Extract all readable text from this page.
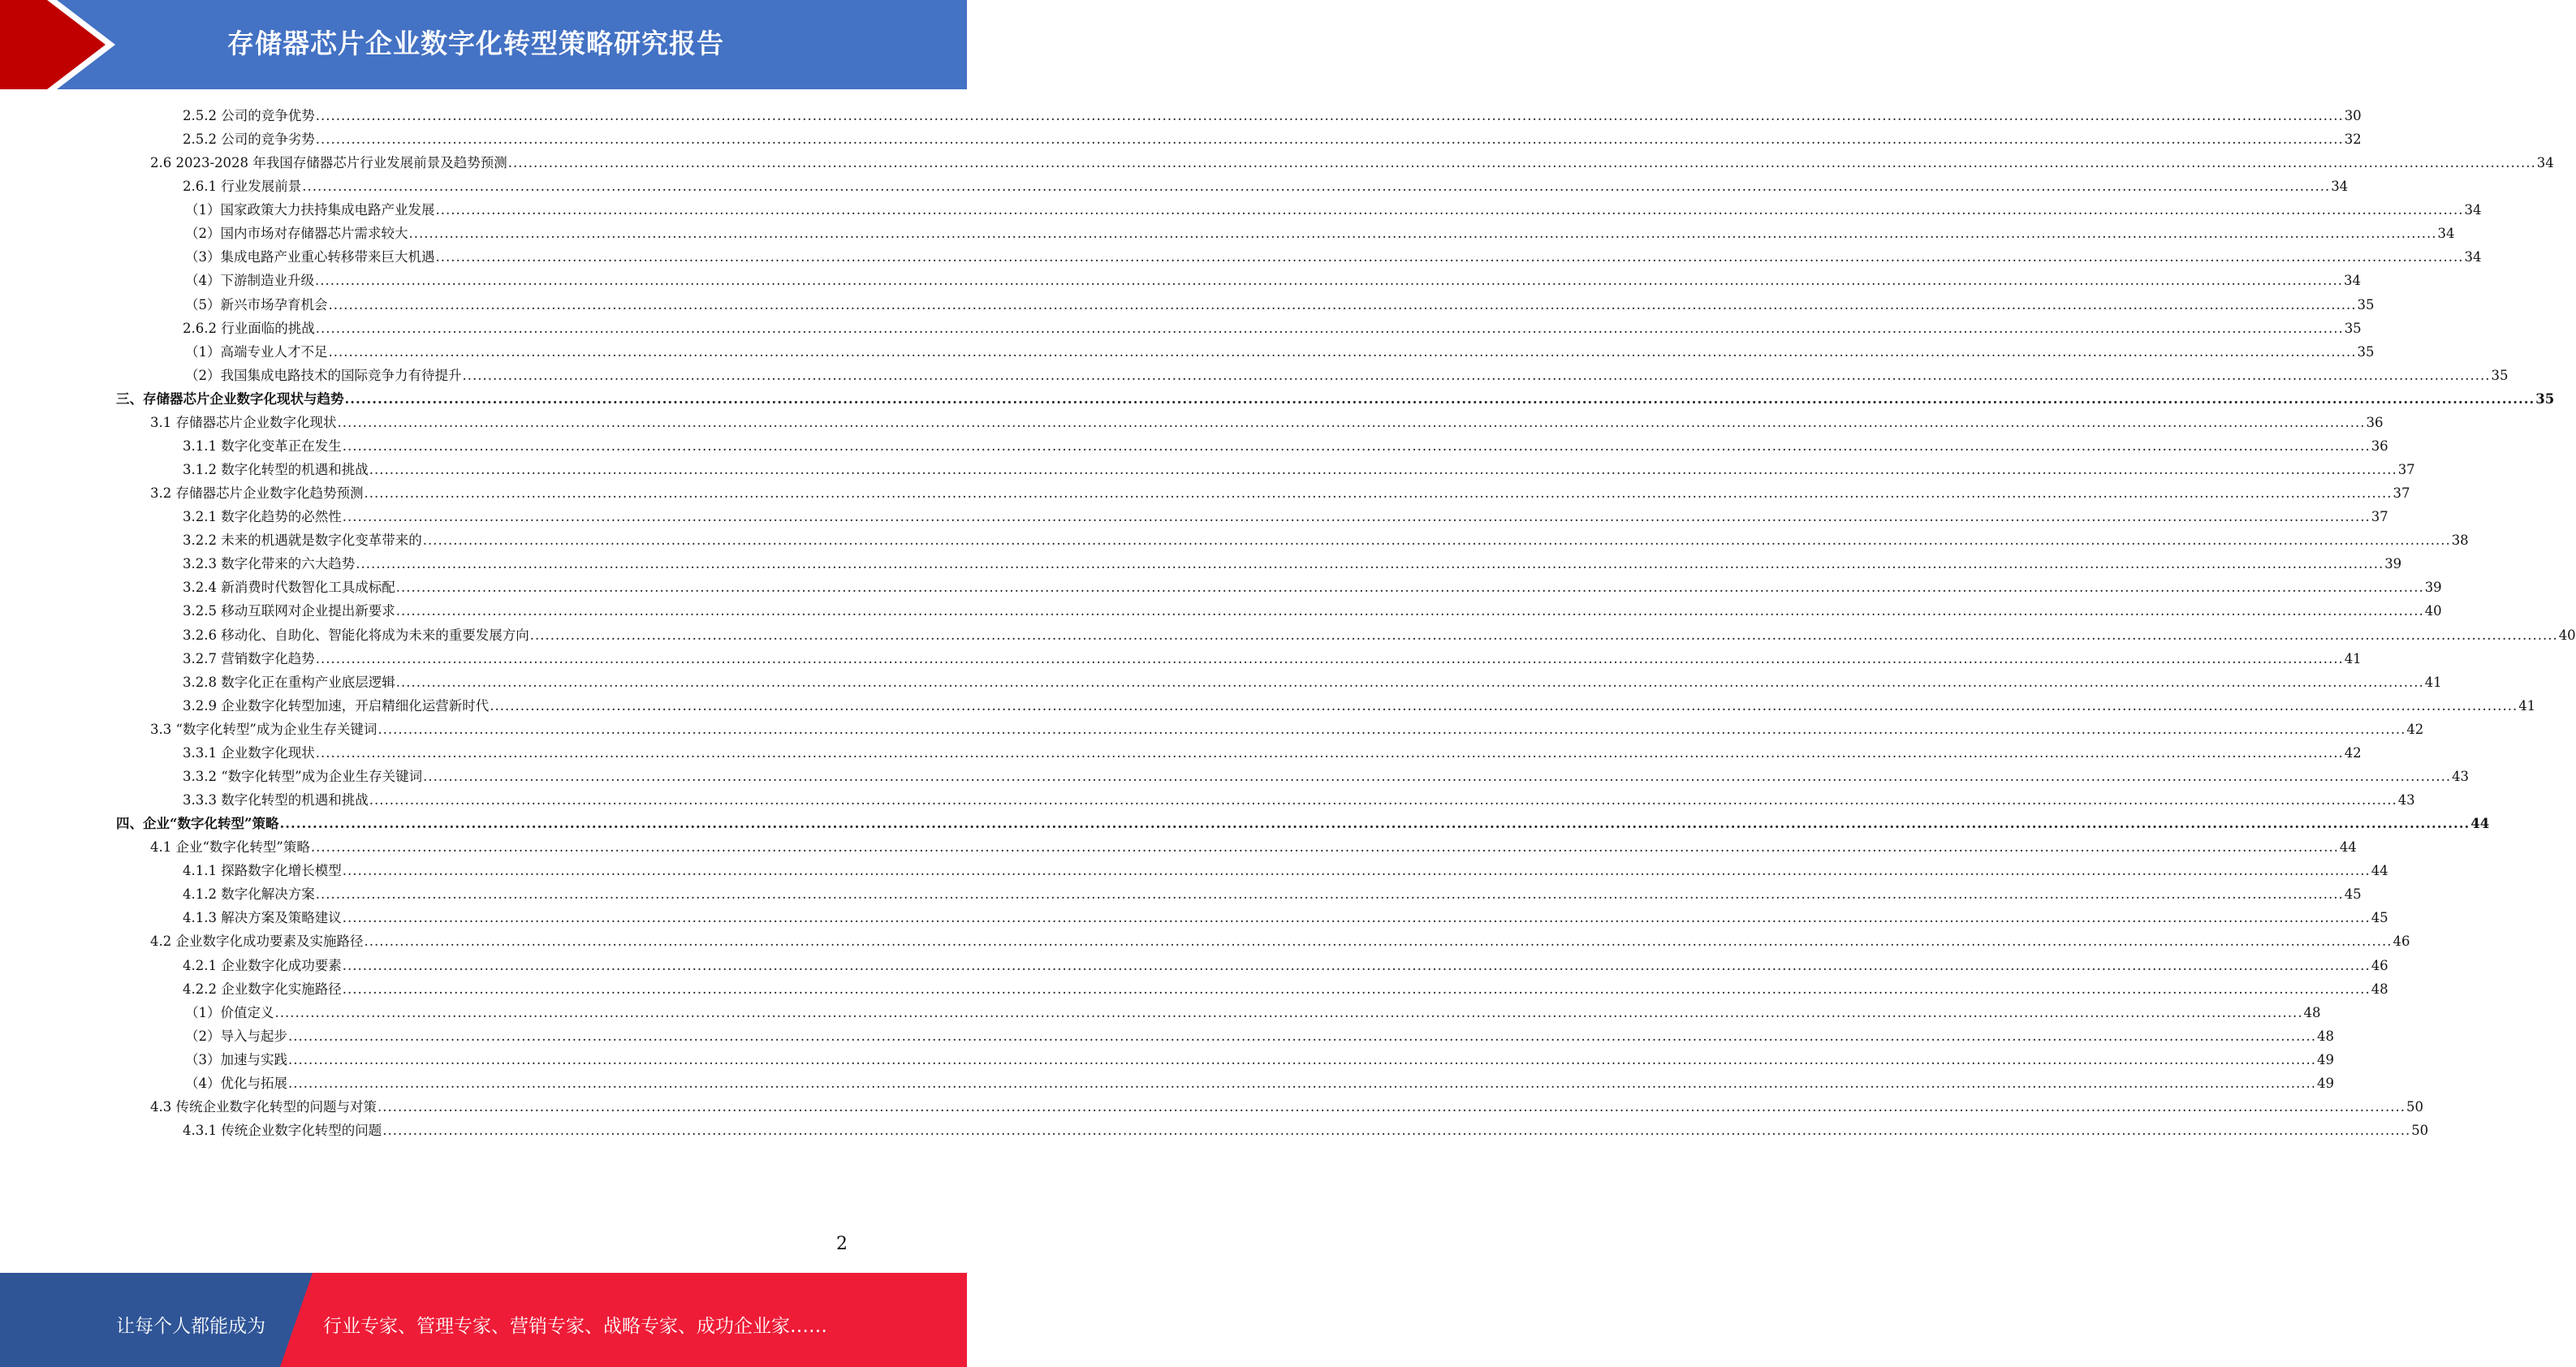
存储器芯片企业数字化转型策略研究报告
2.5.2 公司的竞争优势 ................................................................................................................................................................................................................................................................................................................................................................................................................ 30
2.5.2 公司的竞争劣势 ................................................................................................................................................................................................................................................................................................................................................................................................................ 32
2.6 2023-2028 年我国存储器芯片行业发展前景及趋势预测 ................................................................................................................................................................................................................................................................................................................................................................................................................ 34
2.6.1 行业发展前景 ................................................................................................................................................................................................................................................................................................................................................................................................................ 34
（1）国家政策大力扶持集成电路产业发展 ................................................................................................................................................................................................................................................................................................................................................................................................................ 34
（2）国内市场对存储器芯片需求较大 ................................................................................................................................................................................................................................................................................................................................................................................................................ 34
（3）集成电路产业重心转移带来巨大机遇 ................................................................................................................................................................................................................................................................................................................................................................................................................ 34
（4）下游制造业升级 ................................................................................................................................................................................................................................................................................................................................................................................................................ 34
（5）新兴市场孕育机会 ................................................................................................................................................................................................................................................................................................................................................................................................................ 35
2.6.2 行业面临的挑战 ................................................................................................................................................................................................................................................................................................................................................................................................................ 35
（1）高端专业人才不足 ................................................................................................................................................................................................................................................................................................................................................................................................................ 35
（2）我国集成电路技术的国际竞争力有待提升 ................................................................................................................................................................................................................................................................................................................................................................................................................ 35
三、存储器芯片企业数字化现状与趋势 ................................................................................................................................................................................................................................................................................................................................................................................................................ 35
3.1 存储器芯片企业数字化现状 ................................................................................................................................................................................................................................................................................................................................................................................................................ 36
3.1.1 数字化变革正在发生 ................................................................................................................................................................................................................................................................................................................................................................................................................ 36
3.1.2 数字化转型的机遇和挑战 ................................................................................................................................................................................................................................................................................................................................................................................................................ 37
3.2 存储器芯片企业数字化趋势预测 ................................................................................................................................................................................................................................................................................................................................................................................................................ 37
3.2.1 数字化趋势的必然性 ................................................................................................................................................................................................................................................................................................................................................................................................................ 37
3.2.2 未来的机遇就是数字化变革带来的 ................................................................................................................................................................................................................................................................................................................................................................................................................ 38
3.2.3 数字化带来的六大趋势 ................................................................................................................................................................................................................................................................................................................................................................................................................ 39
3.2.4 新消费时代数智化工具成标配 ................................................................................................................................................................................................................................................................................................................................................................................................................ 39
3.2.5 移动互联网对企业提出新要求 ................................................................................................................................................................................................................................................................................................................................................................................................................ 40
3.2.6 移动化、自助化、智能化将成为未来的重要发展方向 ................................................................................................................................................................................................................................................................................................................................................................................................................ 40
3.2.7 营销数字化趋势 ................................................................................................................................................................................................................................................................................................................................................................................................................ 41
3.2.8 数字化正在重构产业底层逻辑 ................................................................................................................................................................................................................................................................................................................................................................................................................ 41
3.2.9 企业数字化转型加速，开启精细化运营新时代 ................................................................................................................................................................................................................................................................................................................................................................................................................ 41
3.3 “数字化转型”成为企业生存关键词 ................................................................................................................................................................................................................................................................................................................................................................................................................ 42
3.3.1 企业数字化现状 ................................................................................................................................................................................................................................................................................................................................................................................................................ 42
3.3.2 “数字化转型”成为企业生存关键词 ................................................................................................................................................................................................................................................................................................................................................................................................................ 43
3.3.3 数字化转型的机遇和挑战 ................................................................................................................................................................................................................................................................................................................................................................................................................ 43
四、企业“数字化转型”策略 ................................................................................................................................................................................................................................................................................................................................................................................................................ 44
4.1 企业“数字化转型”策略 ................................................................................................................................................................................................................................................................................................................................................................................................................ 44
4.1.1 探路数字化增长模型 ................................................................................................................................................................................................................................................................................................................................................................................................................ 44
4.1.2 数字化解决方案 ................................................................................................................................................................................................................................................................................................................................................................................................................ 45
4.1.3 解决方案及策略建议 ................................................................................................................................................................................................................................................................................................................................................................................................................ 45
4.2 企业数字化成功要素及实施路径 ................................................................................................................................................................................................................................................................................................................................................................................................................ 46
4.2.1 企业数字化成功要素 ................................................................................................................................................................................................................................................................................................................................................................................................................ 46
4.2.2 企业数字化实施路径 ................................................................................................................................................................................................................................................................................................................................................................................................................ 48
（1）价值定义 ................................................................................................................................................................................................................................................................................................................................................................................................................ 48
（2）导入与起步 ................................................................................................................................................................................................................................................................................................................................................................................................................ 48
（3）加速与实践 ................................................................................................................................................................................................................................................................................................................................................................................................................ 49
（4）优化与拓展 ................................................................................................................................................................................................................................................................................................................................................................................................................ 49
4.3 传统企业数字化转型的问题与对策 ................................................................................................................................................................................................................................................................................................................................................................................................................ 50
4.3.1 传统企业数字化转型的问题 ................................................................................................................................................................................................................................................................................................................................................................................................................ 50
2
让每个人都能成为	行业专家、管理专家、营销专家、战略专家、成功企业家……
